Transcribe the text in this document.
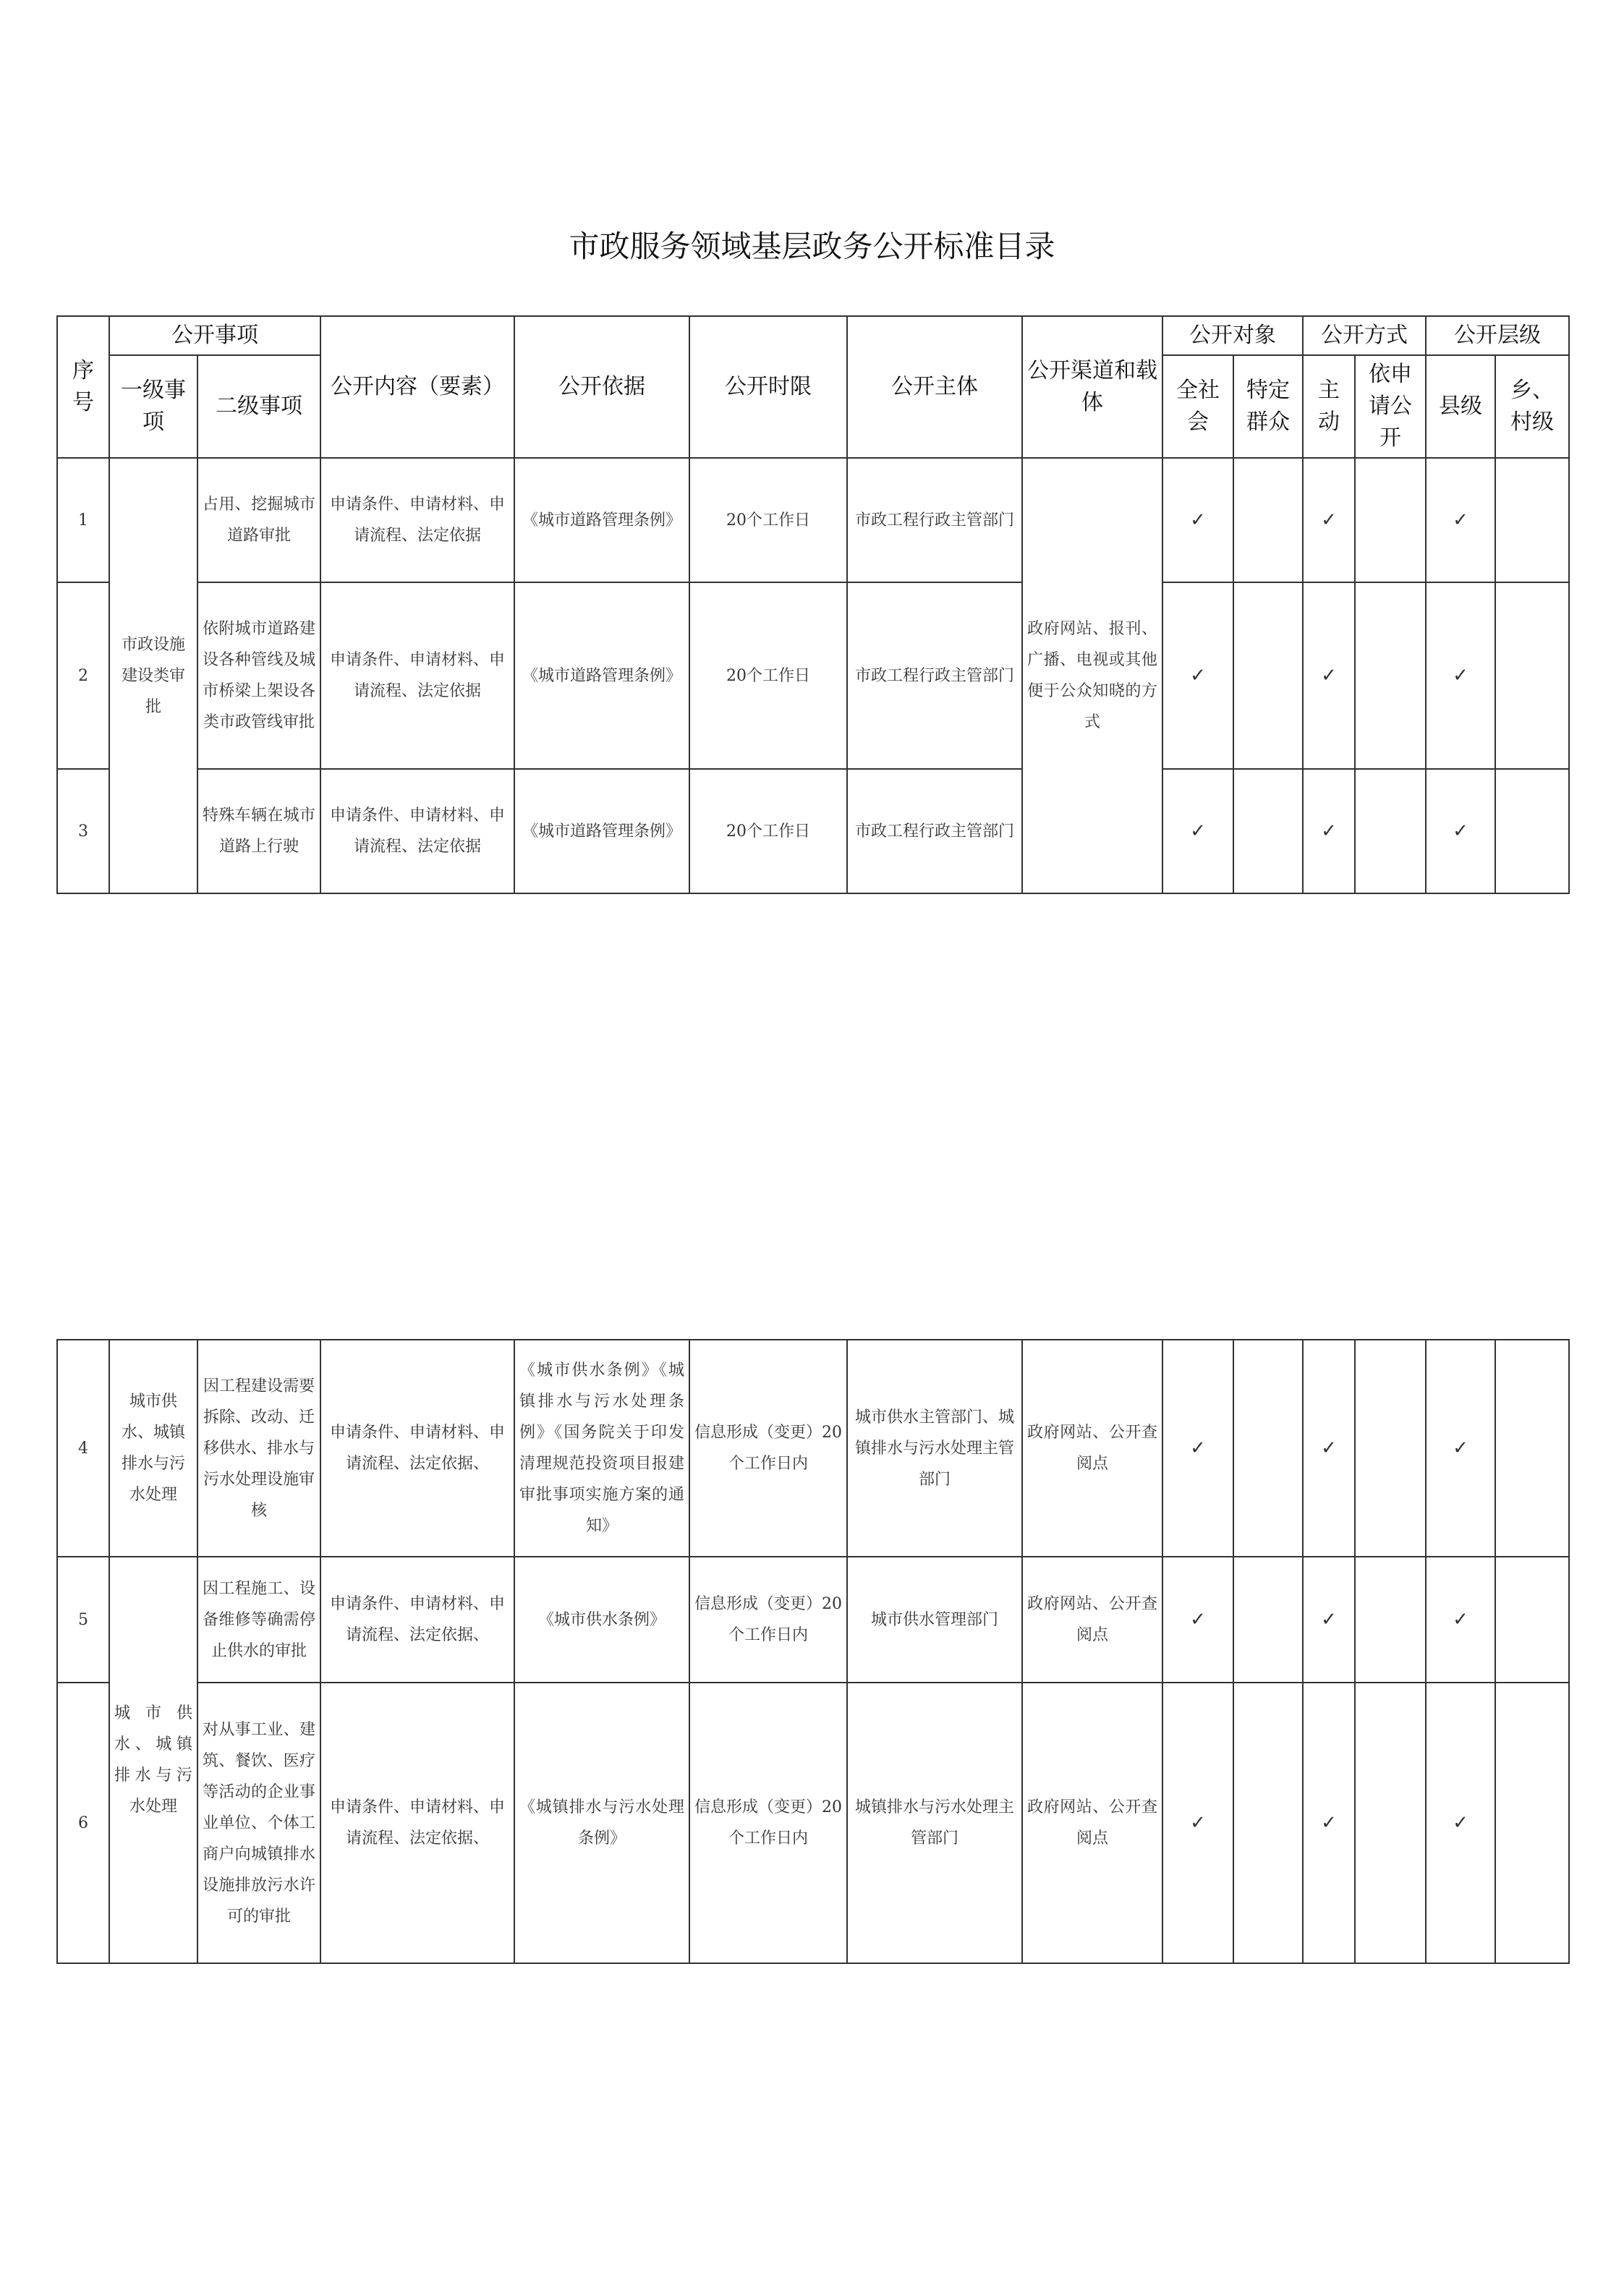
市政服务领域基层政务公开标准目录
序号	公开事项		公开内容（要素）	公开依据	公开时限	公开主体	公开渠道和载体	公开对象		公开方式		公开层级	
	一级事项	二级事项						全社会	特定群众	主动	依申请公开	县级	乡、村级
1	市政设施建设类审批	占用、挖掘城市道路审批	申请条件、申请材料、申请流程、法定依据	《城市道路管理条例》	20个工作日	市政工程行政主管部门	政府网站、报刊、广播、电视或其他便于公众知晓的方式	✓		✓		✓	
2		依附城市道路建设各种管线及城市桥梁上架设各类市政管线审批	申请条件、申请材料、申请流程、法定依据	《城市道路管理条例》	20个工作日	市政工程行政主管部门		✓		✓		✓	
3		特殊车辆在城市道路上行驶	申请条件、申请材料、申请流程、法定依据	《城市道路管理条例》	20个工作日	市政工程行政主管部门		✓		✓		✓	
4	城市供水、城镇排水与污水处理	因工程建设需要拆除、改动、迁移供水、排水与污水处理设施审核	申请条件、申请材料、申请流程、法定依据、	《城市供水条例》《城镇排水与污水处理条例》《国务院关于印发清理规范投资项目报建审批事项实施方案的通知》	信息形成（变更）20个工作日内	城市供水主管部门、城镇排水与污水处理主管部门	政府网站、公开查阅点	✓		✓		✓	
5	城市供水、城镇排水与污水处理	因工程施工、设备维修等确需停止供水的审批	申请条件、申请材料、申请流程、法定依据、	《城市供水条例》	信息形成（变更）20个工作日内	城市供水管理部门	政府网站、公开查阅点	✓		✓		✓	
6		对从事工业、建筑、餐饮、医疗等活动的企业事业单位、个体工商户向城镇排水设施排放污水许可的审批	申请条件、申请材料、申请流程、法定依据、	《城镇排水与污水处理条例》	信息形成（变更）20个工作日内	城镇排水与污水处理主管部门	政府网站、公开查阅点	✓		✓		✓	
